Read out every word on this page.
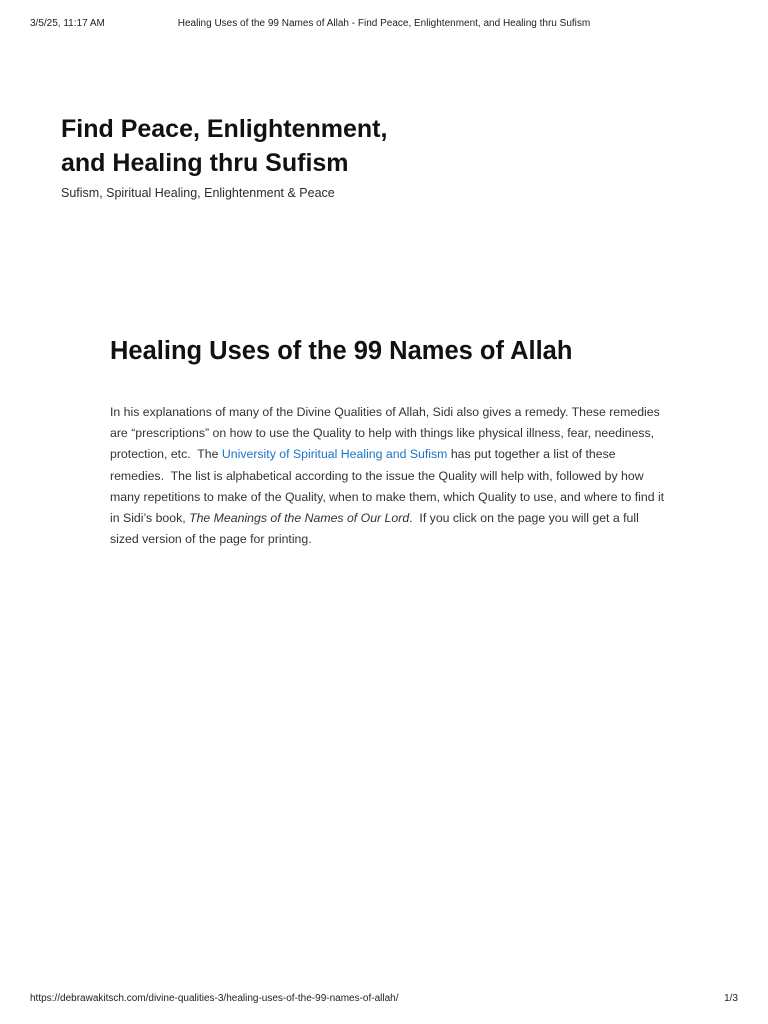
3/5/25, 11:17 AM	Healing Uses of the 99 Names of Allah - Find Peace, Enlightenment, and Healing thru Sufism
Find Peace, Enlightenment,
and Healing thru Sufism

Sufism, Spiritual Healing, Enlightenment & Peace

Healing Uses of the 99 Names of Allah

In his explanations of many of the Divine Qualities of Allah, Sidi also gives a remedy. These remedies are “prescriptions” on how to use the Quality to help with things like physical illness, fear, neediness, protection, etc.  The University of Spiritual Healing and Sufism has put together a list of these remedies.  The list is alphabetical according to the issue the Quality will help with, followed by how many repetitions to make of the Quality, when to make them, which Quality to use, and where to find it in Sidi’s book, The Meanings of the Names of Our Lord.  If you click on the page you will get a full sized version of the page for printing.

https://debrawakitsch.com/divine-qualities-3/healing-uses-of-the-99-names-of-allah/	1/3
